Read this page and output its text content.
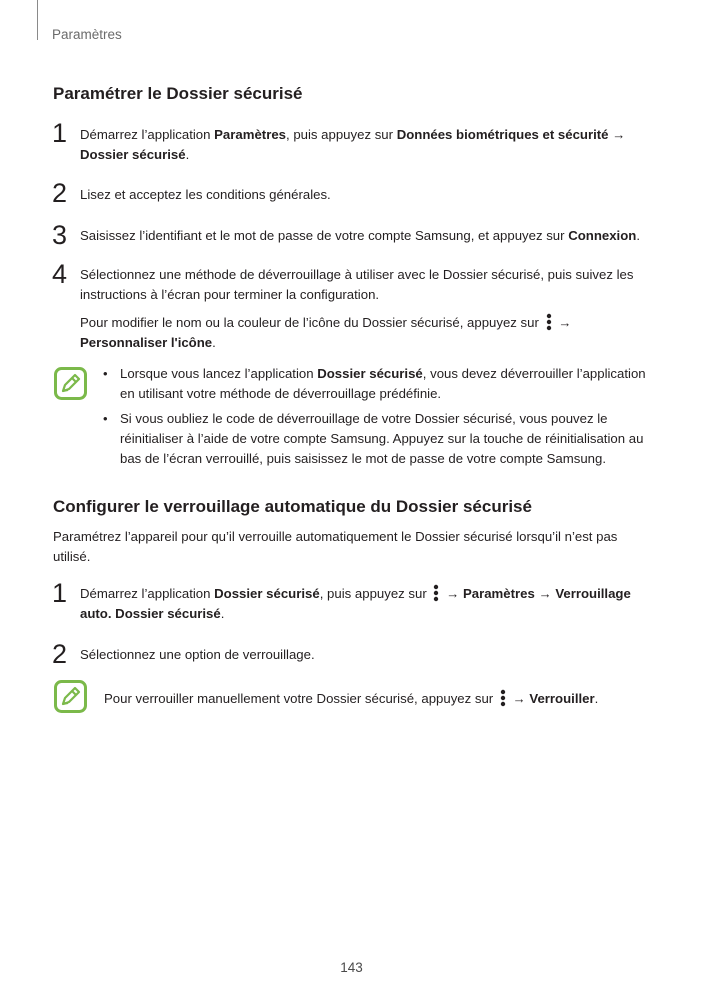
Paramètres
Paramétrer le Dossier sécurisé
1 Démarrez l’application Paramètres, puis appuyez sur Données biométriques et sécurité →
Dossier sécurisé.
2 Lisez et acceptez les conditions générales.
3 Saisissez l’identifiant et le mot de passe de votre compte Samsung, et appuyez sur Connexion.
4 Sélectionnez une méthode de déverrouillage à utiliser avec le Dossier sécurisé, puis suivez les
instructions à l’écran pour terminer la configuration.
Pour modifier le nom ou la couleur de l’icône du Dossier sécurisé, appuyez sur  →
Personnaliser l'icône.
• Lorsque vous lancez l’application Dossier sécurisé, vous devez déverrouiller l’application
en utilisant votre méthode de déverrouillage prédéfinie.
• Si vous oubliez le code de déverrouillage de votre Dossier sécurisé, vous pouvez le
réinitialiser à l’aide de votre compte Samsung. Appuyez sur la touche de réinitialisation au
bas de l’écran verrouillé, puis saisissez le mot de passe de votre compte Samsung.
Configurer le verrouillage automatique du Dossier sécurisé
Paramétrez l’appareil pour qu’il verrouille automatiquement le Dossier sécurisé lorsqu’il n’est pas
utilisé.
1 Démarrez l’application Dossier sécurisé, puis appuyez sur  → Paramètres → Verrouillage
auto. Dossier sécurisé.
2 Sélectionnez une option de verrouillage.
Pour verrouiller manuellement votre Dossier sécurisé, appuyez sur  → Verrouiller.
143
